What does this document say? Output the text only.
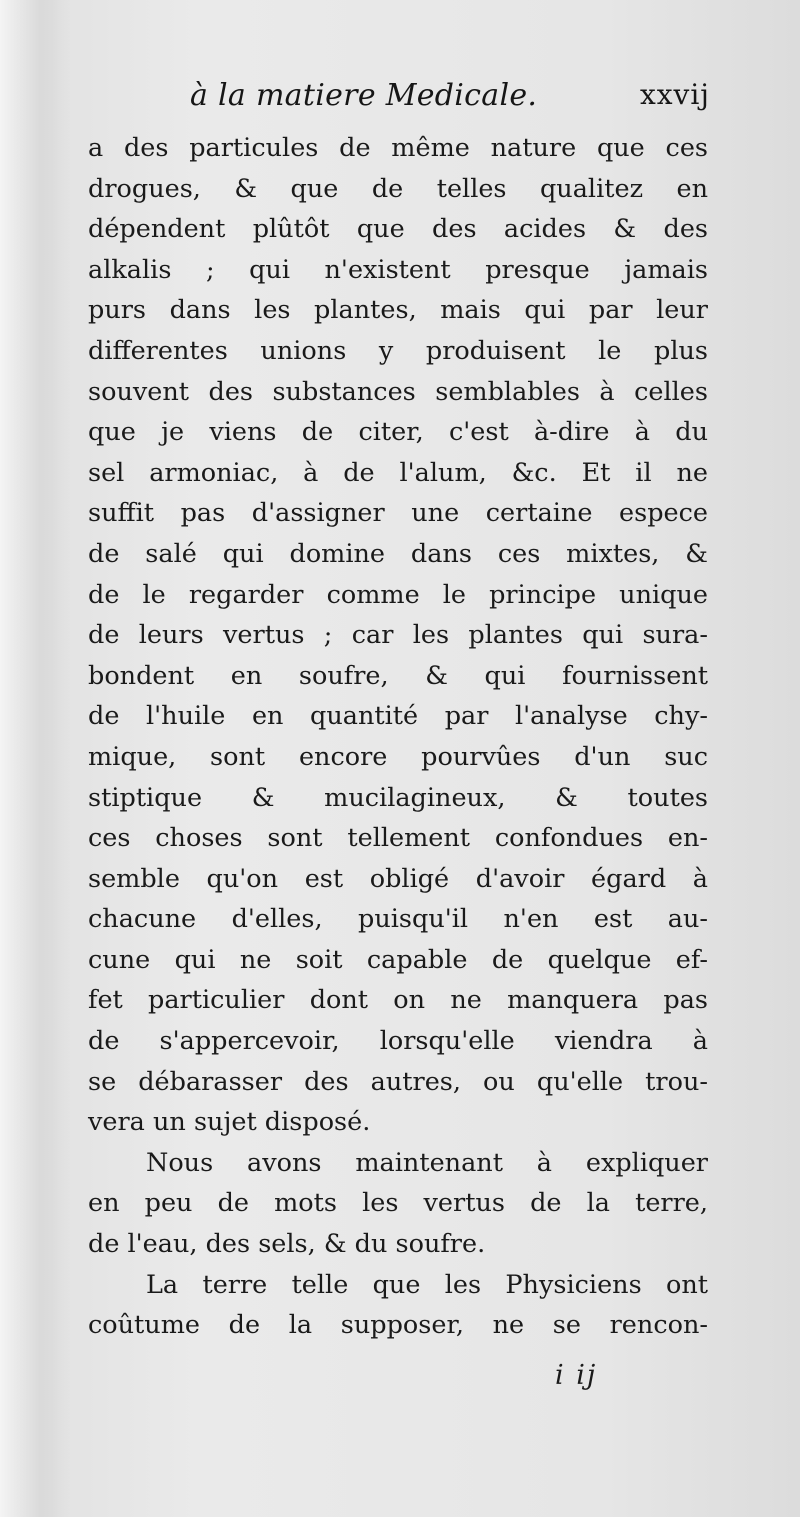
à la matiere Medicale.	xxvij
a des particules de même nature que ces
drogues, & que de telles qualitez en
dépendent plûtôt que des acides & des
alkalis ; qui n'existent presque jamais
purs dans les plantes, mais qui par leur
differentes unions y produisent le plus
souvent des substances semblables à celles
que je viens de citer, c'est à-dire à du
sel armoniac, à de l'alum, &c. Et il ne
suffit pas d'assigner une certaine espece
de salé qui domine dans ces mixtes, &
de le regarder comme le principe unique
de leurs vertus ; car les plantes qui sura-
bondent en soufre, & qui fournissent
de l'huile en quantité par l'analyse chy-
mique, sont encore pourvûes d'un suc
stiptique & mucilagineux, & toutes
ces choses sont tellement confondues en-
semble qu'on est obligé d'avoir égard à
chacune d'elles, puisqu'il n'en est au-
cune qui ne soit capable de quelque ef-
fet particulier dont on ne manquera pas
de s'appercevoir, lorsqu'elle viendra à
se débarasser des autres, ou qu'elle trou-
vera un sujet disposé.
Nous avons maintenant à expliquer
en peu de mots les vertus de la terre,
de l'eau, des sels, & du soufre.
La terre telle que les Physiciens ont
coûtume de la supposer, ne se rencon-
i ij
